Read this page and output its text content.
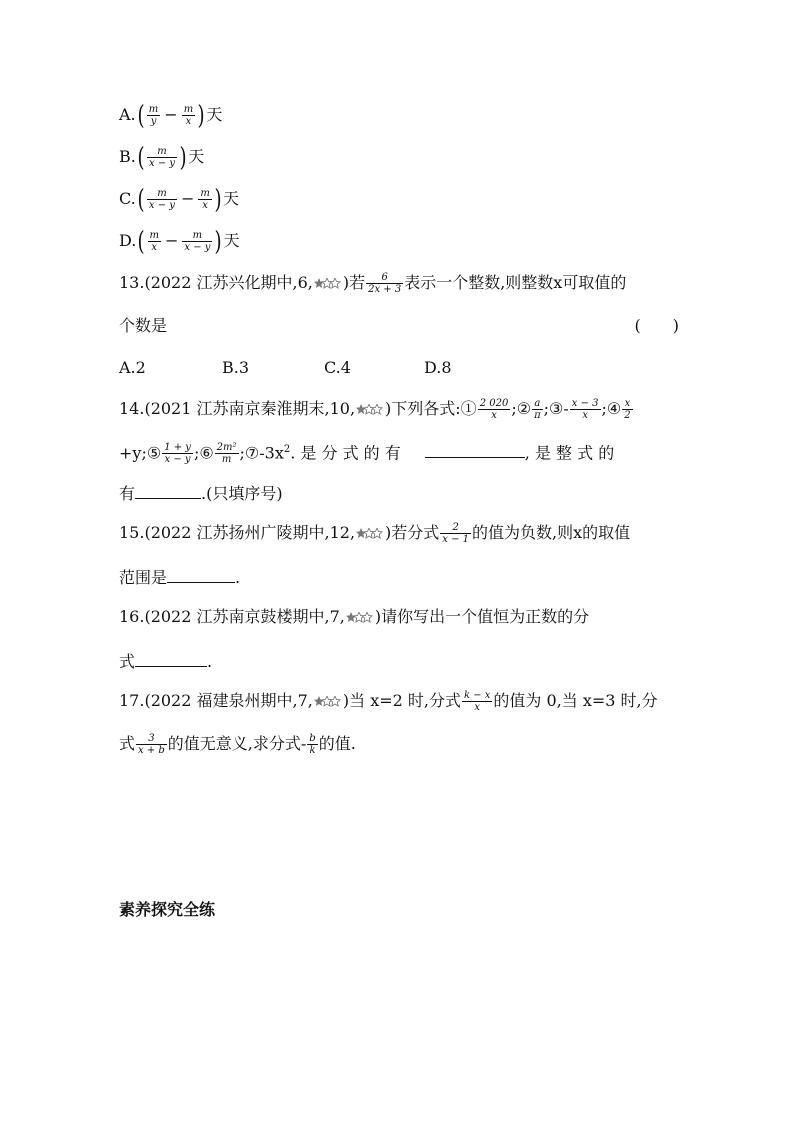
$A.( \frac{m}{y} - \frac{m}{x}$ )天
$B.( \frac{m}{x - y}$ )天
$C.( \frac{m}{x - y} - \frac{m}{x}$ )天
$D.( \frac{m}{x} - \frac{m}{x - y}$ )天
13.(2022 江苏兴化期中,6, )若 $\frac{6}{2x + 3}$ 表示一个整数,则整数x可取值的
个数是	(　　)
A.2	B.3	C.4	D.8
14.(2021 江苏南京秦淮期末,10, )下列各式:① $\frac{2 020}{x}$ ;② $\frac{a}{\pi}$ ;③- $\frac{x - 3}{x}$ ;④ $\frac{x}{2}$
+y;⑤ $\frac{1 + y}{x - y}$ ;⑥ $\frac{\text{2m²}}{m}$ $;⑦-3x^2$. 是 分 式 的 有	, 是 整 式 的
有	.(只填序号)
15.(2022 江苏扬州广陵期中,12, )若分式 $\frac{2}{x - 1}$ 的值为负数,则x的取值
范围是	.
16.(2022 江苏南京鼓楼期中,7, )请你写出一个值恒为正数的分
式	.
17.(2022 福建泉州期中,7, )当 x=2 时,分式 $\frac{k - x}{x}$ 的值为 0,当 x=3 时,分
式 $\frac{3}{x + b}$ 的值无意义,求分式- $\frac{b}{k}$ 的值.
素养探究全练
